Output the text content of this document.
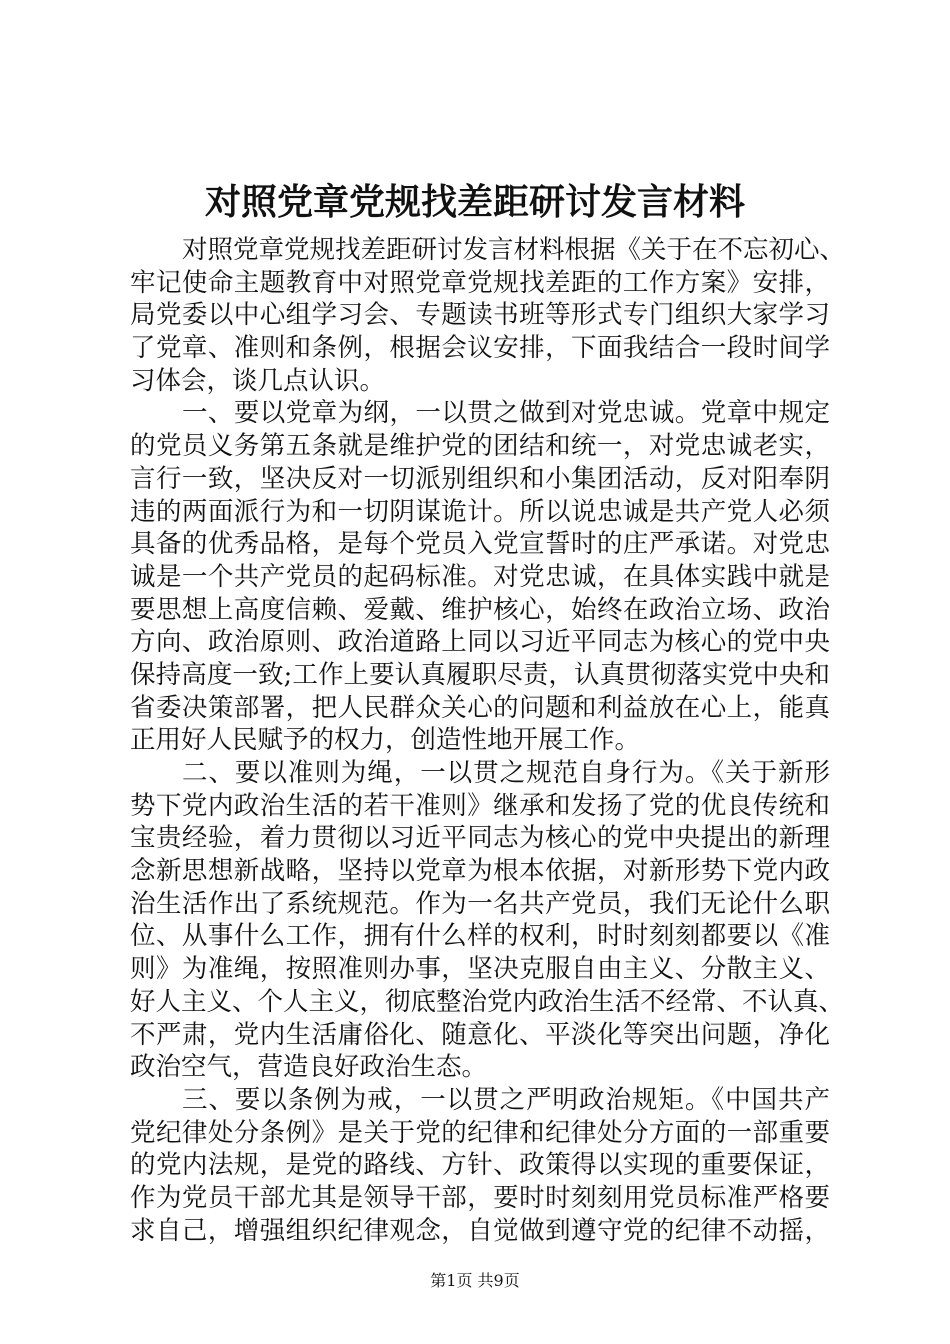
对照党章党规找差距研讨发言材料
对照党章党规找差距研讨发言材料根据《关于在不忘初心、
牢记使命主题教育中对照党章党规找差距的工作方案》安排，
局党委以中心组学习会、专题读书班等形式专门组织大家学习
了党章、准则和条例，根据会议安排，下面我结合一段时间学
习体会，谈几点认识。
一、要以党章为纲，一以贯之做到对党忠诚。党章中规定
的党员义务第五条就是维护党的团结和统一，对党忠诚老实，
言行一致，坚决反对一切派别组织和小集团活动，反对阳奉阴
违的两面派行为和一切阴谋诡计。所以说忠诚是共产党人必须
具备的优秀品格，是每个党员入党宣誓时的庄严承诺。对党忠
诚是一个共产党员的起码标准。对党忠诚，在具体实践中就是
要思想上高度信赖、爱戴、维护核心，始终在政治立场、政治
方向、政治原则、政治道路上同以习近平同志为核心的党中央
保持高度一致;工作上要认真履职尽责，认真贯彻落实党中央和
省委决策部署，把人民群众关心的问题和利益放在心上，能真
正用好人民赋予的权力，创造性地开展工作。
二、要以准则为绳，一以贯之规范自身行为。《关于新形
势下党内政治生活的若干准则》继承和发扬了党的优良传统和
宝贵经验，着力贯彻以习近平同志为核心的党中央提出的新理
念新思想新战略，坚持以党章为根本依据，对新形势下党内政
治生活作出了系统规范。作为一名共产党员，我们无论什么职
位、从事什么工作，拥有什么样的权利，时时刻刻都要以《准
则》为准绳，按照准则办事，坚决克服自由主义、分散主义、
好人主义、个人主义，彻底整治党内政治生活不经常、不认真、
不严肃，党内生活庸俗化、随意化、平淡化等突出问题，净化
政治空气，营造良好政治生态。
三、要以条例为戒，一以贯之严明政治规矩。《中国共产
党纪律处分条例》是关于党的纪律和纪律处分方面的一部重要
的党内法规，是党的路线、方针、政策得以实现的重要保证，
作为党员干部尤其是领导干部，要时时刻刻用党员标准严格要
求自己，增强组织纪律观念，自觉做到遵守党的纪律不动摇，
第1页 共9页
